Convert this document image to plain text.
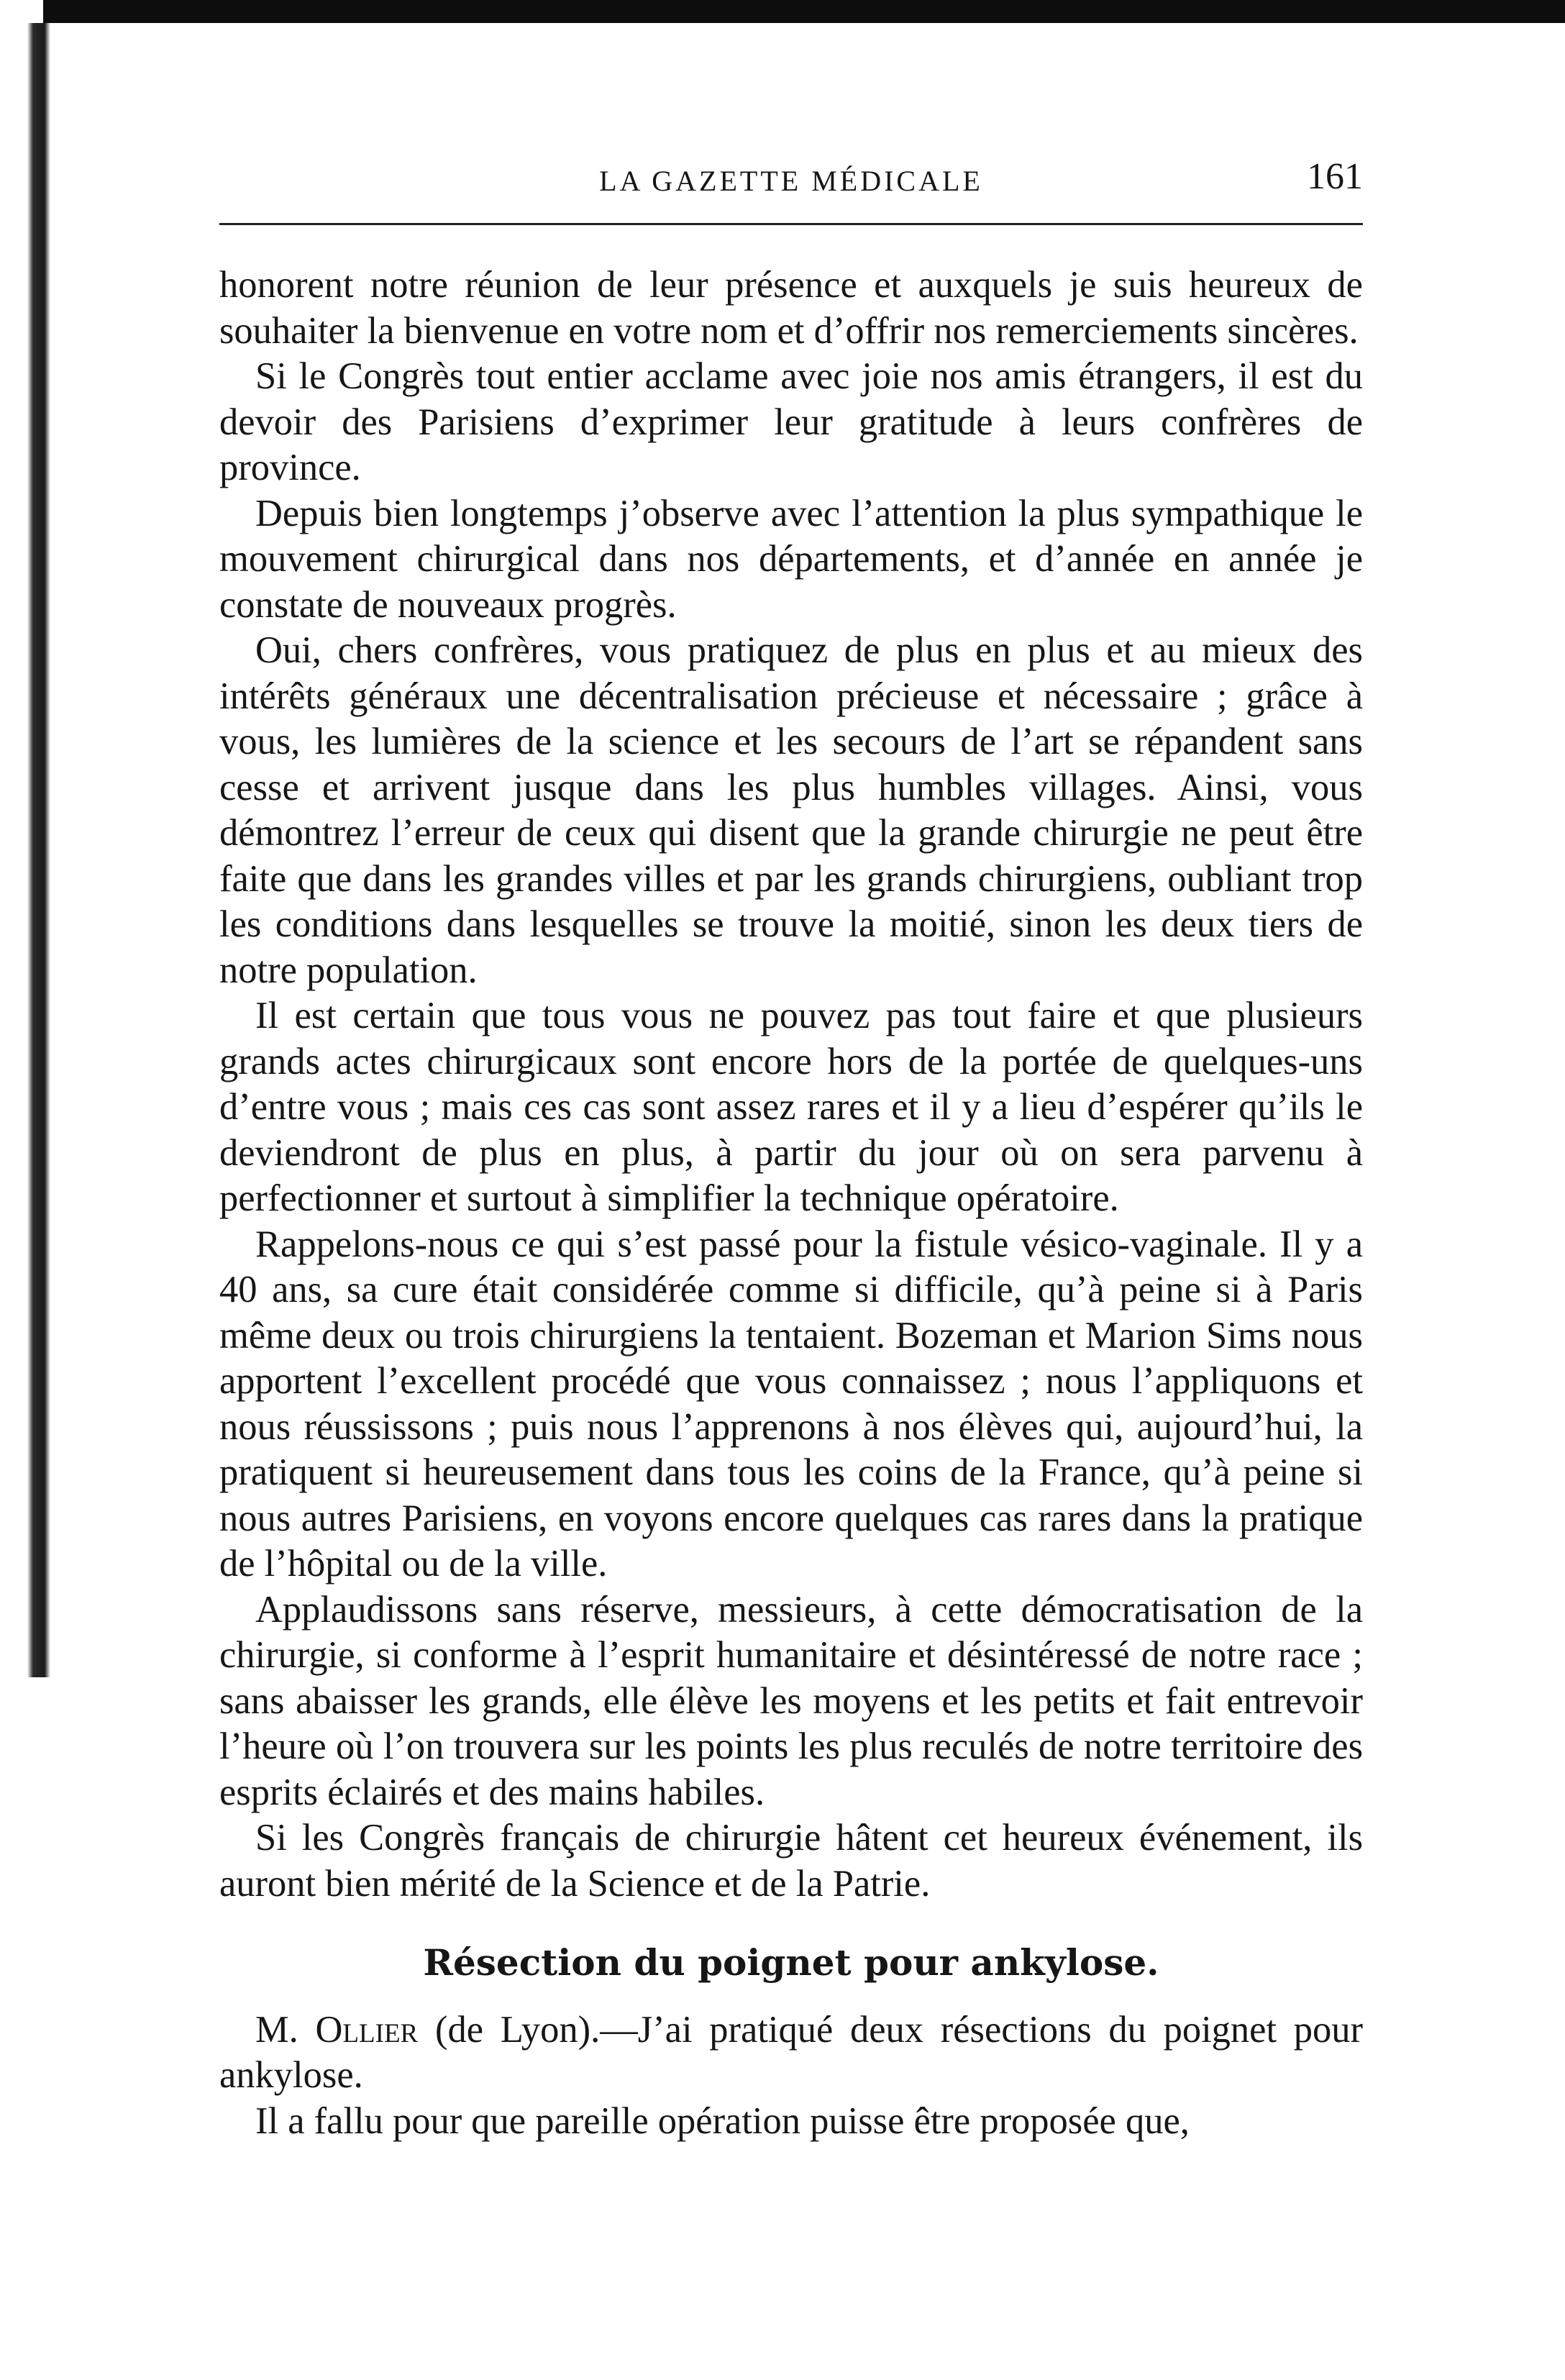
LA GAZETTE MÉDICALE	161

honorent notre réunion de leur présence et auxquels je suis heureux de souhaiter la bienvenue en votre nom et d’offrir nos remerciements sincères.

Si le Congrès tout entier acclame avec joie nos amis étrangers, il est du devoir des Parisiens d’exprimer leur gratitude à leurs confrères de province.

Depuis bien longtemps j’observe avec l’attention la plus sympathique le mouvement chirurgical dans nos départements, et d’année en année je constate de nouveaux progrès.

Oui, chers confrères, vous pratiquez de plus en plus et au mieux des intérêts généraux une décentralisation précieuse et nécessaire ; grâce à vous, les lumières de la science et les secours de l’art se répandent sans cesse et arrivent jusque dans les plus humbles villages. Ainsi, vous démontrez l’erreur de ceux qui disent que la grande chirurgie ne peut être faite que dans les grandes villes et par les grands chirurgiens, oubliant trop les conditions dans lesquelles se trouve la moitié, sinon les deux tiers de notre population.

Il est certain que tous vous ne pouvez pas tout faire et que plusieurs grands actes chirurgicaux sont encore hors de la portée de quelques-uns d’entre vous ; mais ces cas sont assez rares et il y a lieu d’espérer qu’ils le deviendront de plus en plus, à partir du jour où on sera parvenu à perfectionner et surtout à simplifier la technique opératoire.

Rappelons-nous ce qui s’est passé pour la fistule vésico-vaginale. Il y a 40 ans, sa cure était considérée comme si difficile, qu’à peine si à Paris même deux ou trois chirurgiens la tentaient. Bozeman et Marion Sims nous apportent l’excellent procédé que vous connaissez ; nous l’appliquons et nous réussissons ; puis nous l’apprenons à nos élèves qui, aujourd’hui, la pratiquent si heureusement dans tous les coins de la France, qu’à peine si nous autres Parisiens, en voyons encore quelques cas rares dans la pratique de l’hôpital ou de la ville.

Applaudissons sans réserve, messieurs, à cette démocratisation de la chirurgie, si conforme à l’esprit humanitaire et désintéressé de notre race ; sans abaisser les grands, elle élève les moyens et les petits et fait entrevoir l’heure où l’on trouvera sur les points les plus reculés de notre territoire des esprits éclairés et des mains habiles.

Si les Congrès français de chirurgie hâtent cet heureux événement, ils auront bien mérité de la Science et de la Patrie.

Résection du poignet pour ankylose.

M. Ollier (de Lyon).—J’ai pratiqué deux résections du poignet pour ankylose.

Il a fallu pour que pareille opération puisse être proposée que,
